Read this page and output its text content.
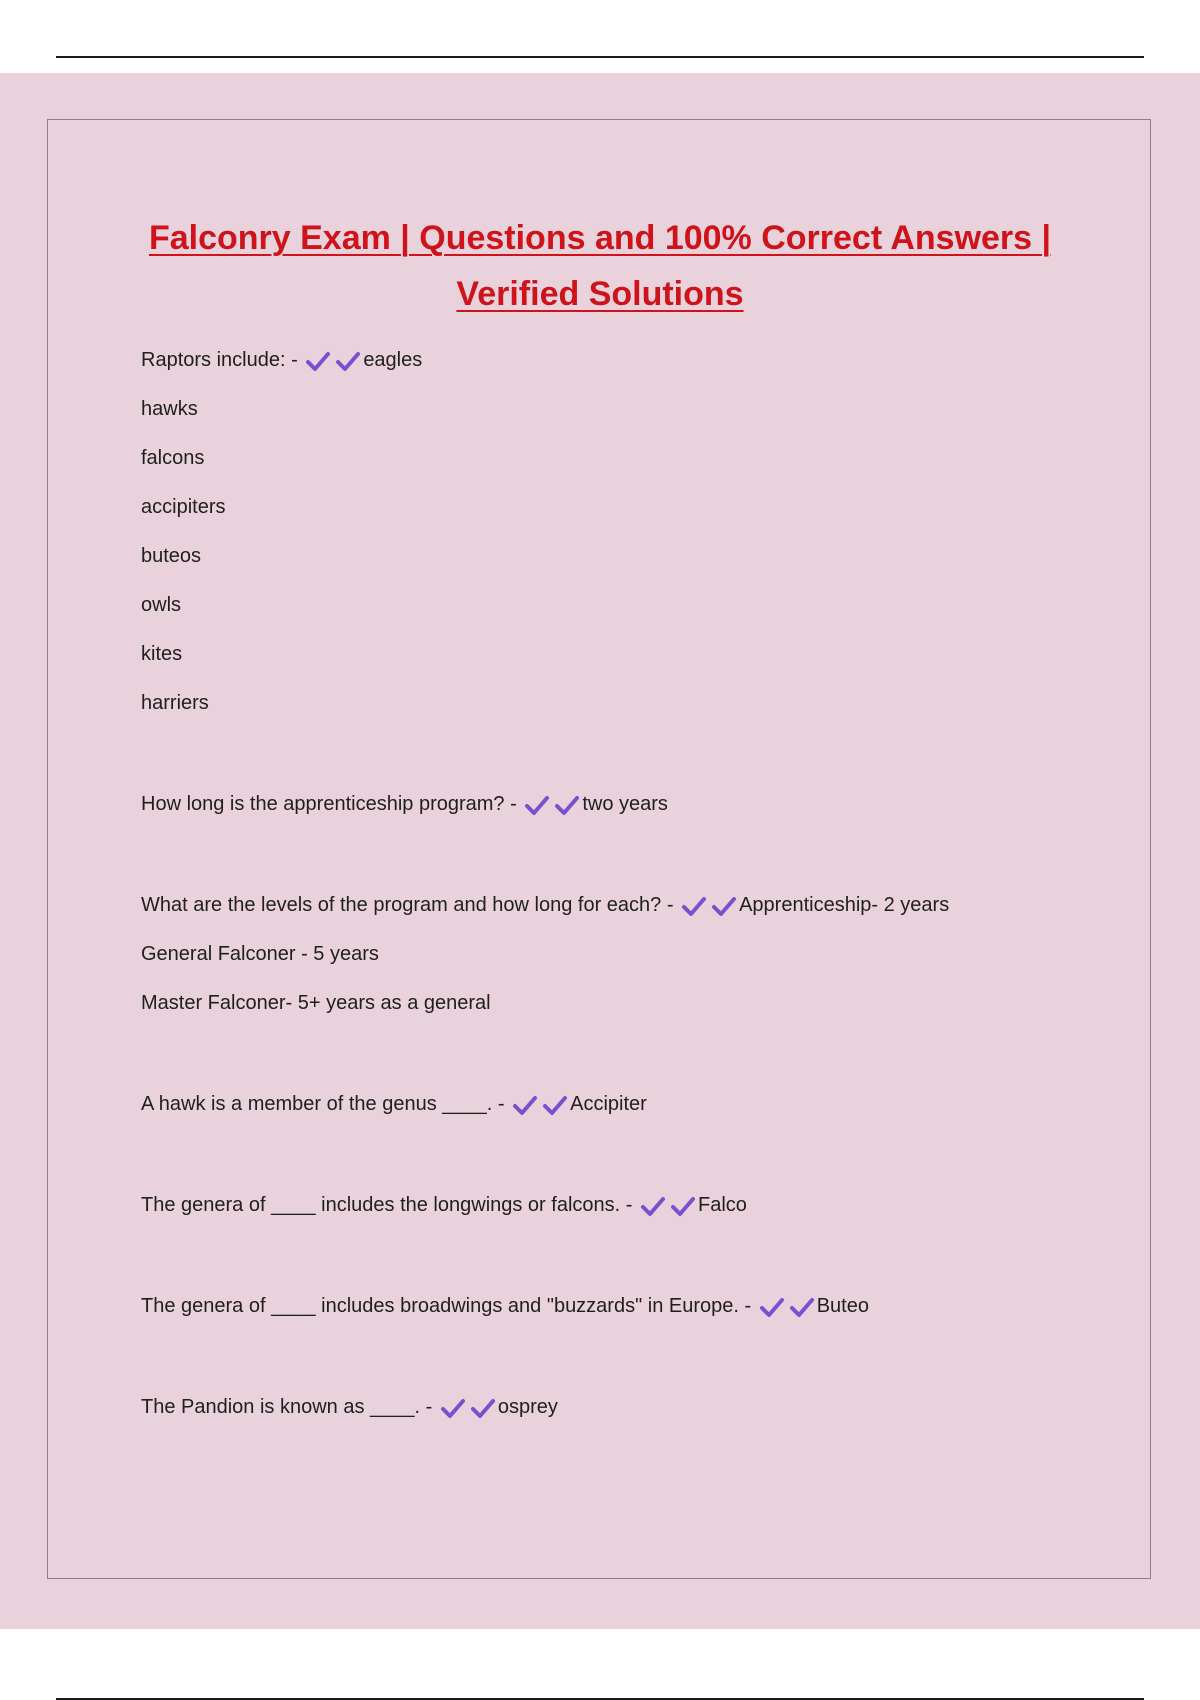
Falconry Exam | Questions and 100% Correct Answers |
Verified Solutions
Raptors include: -	eagles
hawks
falcons
accipiters
buteos
owls
kites
harriers
How long is the apprenticeship program? -	two years
What are the levels of the program and how long for each? -	Apprenticeship- 2 years
General Falconer - 5 years
Master Falconer- 5+ years as a general
A hawk is a member of the genus ____. -	Accipiter
The genera of ____ includes the longwings or falcons. -	Falco
The genera of ____ includes broadwings and "buzzards" in Europe. -	Buteo
The Pandion is known as ____. -	osprey
